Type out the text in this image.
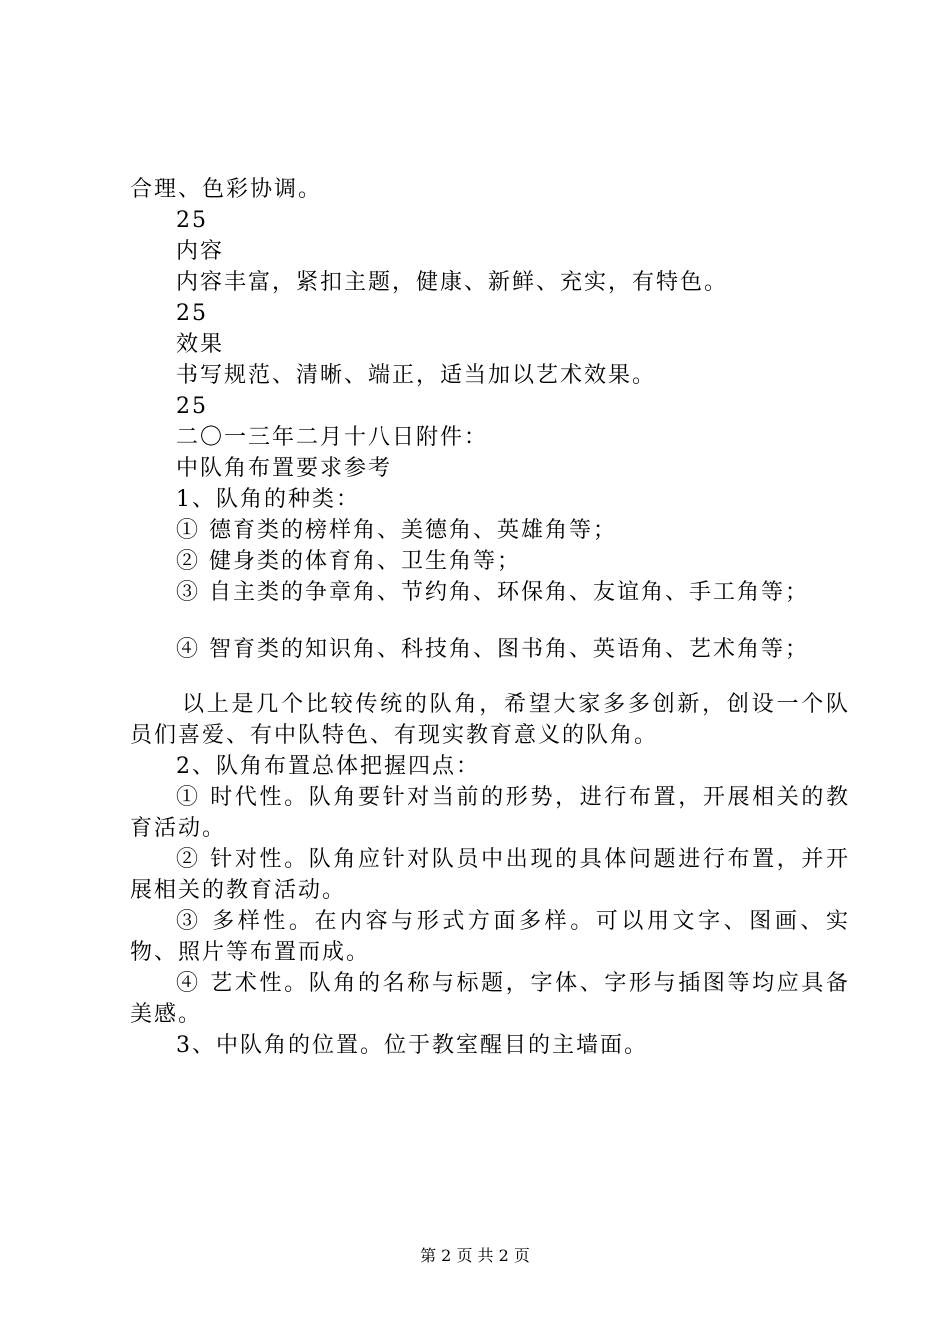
合理、色彩协调。
25
内容
内容丰富，紧扣主题，健康、新鲜、充实，有特色。
25
效果
书写规范、清晰、端正，适当加以艺术效果。
25
二〇一三年二月十八日附件：
中队角布置要求参考
1、队角的种类：
① 德育类的榜样角、美德角、英雄角等；
② 健身类的体育角、卫生角等；
③ 自主类的争章角、节约角、环保角、友谊角、手工角等；
④ 智育类的知识角、科技角、图书角、英语角、艺术角等；
以上是几个比较传统的队角，希望大家多多创新，创设一个队员们喜爱、有中队特色、有现实教育意义的队角。
2、队角布置总体把握四点：
① 时代性。队角要针对当前的形势，进行布置，开展相关的教育活动。
② 针对性。队角应针对队员中出现的具体问题进行布置，并开展相关的教育活动。
③ 多样性。在内容与形式方面多样。可以用文字、图画、实物、照片等布置而成。
④ 艺术性。队角的名称与标题，字体、字形与插图等均应具备美感。
3、中队角的位置。位于教室醒目的主墙面。
第 2 页 共 2 页
